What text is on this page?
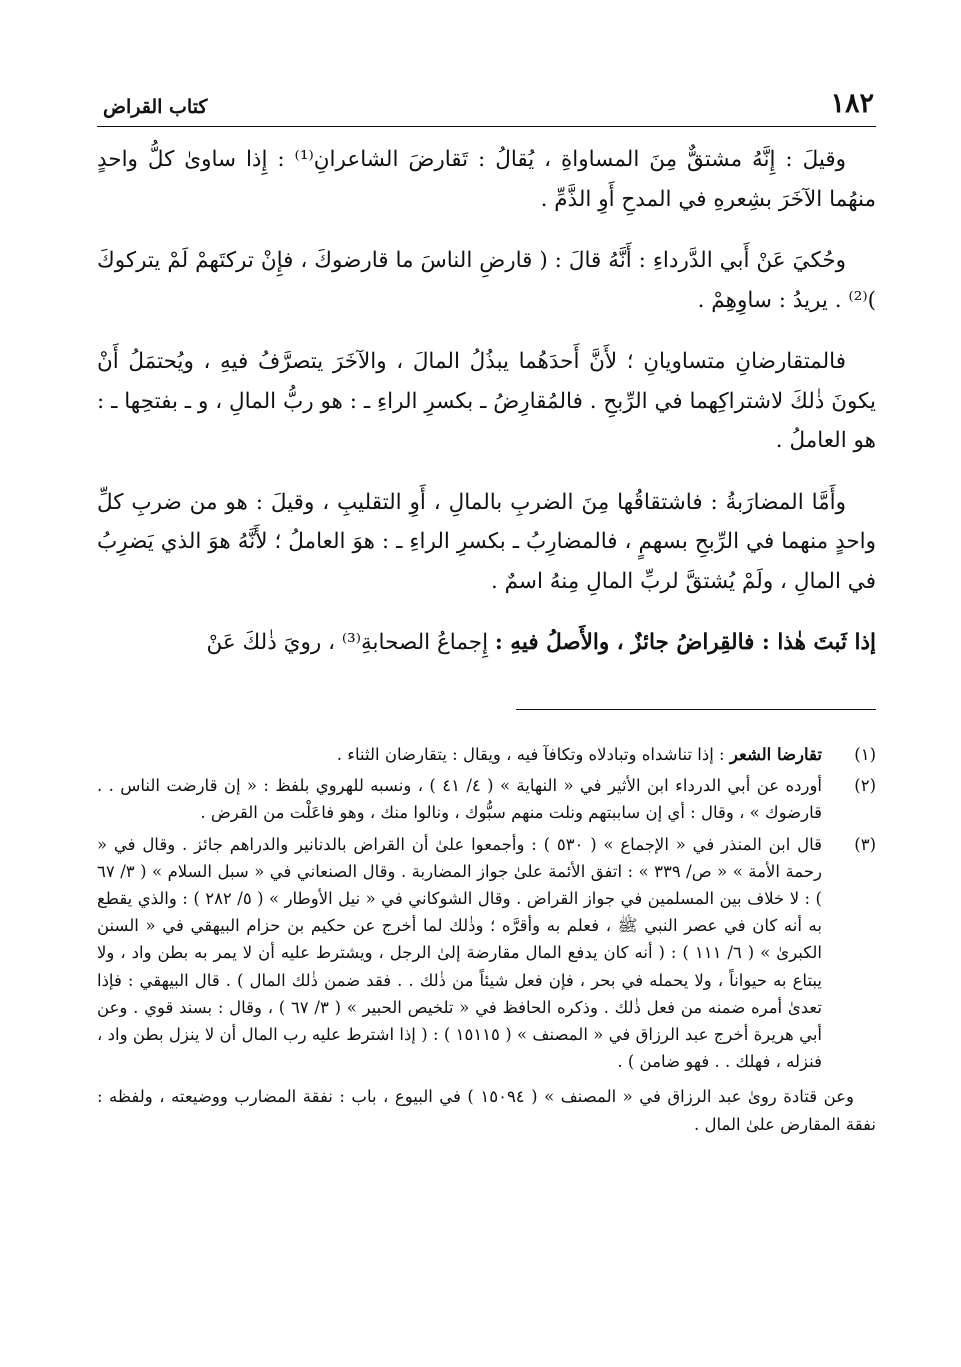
١٨٢
كتاب القراض

وقيلَ : إِنَّهُ مشتقٌّ مِنَ المساواةِ ، يُقالُ : تَقارضَ الشاعرانِ⁽¹⁾ : إِذا ساوىٰ كلُّ واحدٍ منهُما الآخَرَ بشِعرهِ في المدحِ أَوِ الذَّمِّ .

وحُكيَ عَنْ أَبي الدَّرداءِ : أَنَّهُ قالَ : ( قارضِ الناسَ ما قارضوكَ ، فإِنْ تركتَهمْ لَمْ يتركوكَ )⁽²⁾ . يريدُ : ساوِهِمْ .

فالمتقارضانِ متساويانِ ؛ لأَنَّ أَحدَهُما يبذُلُ المالَ ، والآخَرَ يتصرَّفُ فيهِ ، ويُحتمَلُ أَنْ يكونَ ذٰلكَ لاشتراكِهما في الرِّبحِ . فالمُقارِضُ ـ بكسرِ الراءِ ـ : هو ربُّ المالِ ، و ـ بفتحِها ـ : هو العاملُ .

وأَمَّا المضارَبةُ : فاشتقاقُها مِنَ الضربِ بالمالِ ، أَوِ التقليبِ ، وقيلَ : هو من ضربِ كلِّ واحدٍ منهما في الرِّبحِ بسهمٍ ، فالمضارِبُ ـ بكسرِ الراءِ ـ : هوَ العاملُ ؛ لأَنَّهُ هوَ الذي يَضرِبُ في المالِ ، ولَمْ يُشتقَّ لربِّ المالِ مِنهُ اسمٌ .

إذا ثَبتَ هٰذا : فالقِراضُ جائزٌ ، والأَصلُ فيهِ : إِجماعُ الصحابةِ⁽³⁾ ، رويَ ذٰلكَ عَنْ

(١)
تقارضا الشعر : إذا تناشداه وتبادلاه وتكافآ فيه ، ويقال : يتقارضان الثناء .
(٢)
أورده عن أبي الدرداء ابن الأثير في « النهاية » ( ٤/ ٤١ ) ، ونسبه للهروي بلفظ : « إن قارضت الناس . . قارضوك » ، وقال : أي إن ساببتهم ونلت منهم سبُّوك ، ونالوا منك ، وهو فاعَلْت من القرض .
(٣)
قال ابن المنذر في « الإجماع » ( ٥٣٠ ) : وأجمعوا علىٰ أن القراض بالدنانير والدراهم جائز . وقال في « رحمة الأمة » « ص/ ٣٣٩ » : اتفق الأئمة علىٰ جواز المضاربة . وقال الصنعاني في « سبل السلام » ( ٣/ ٦٧ ) : لا خلاف بين المسلمين في جواز القراض . وقال الشوكاني في « نيل الأوطار » ( ٥/ ٢٨٢ ) : والذي يقطع به أنه كان في عصر النبي ﷺ ، فعلم به وأقرَّه ؛ وذٰلك لما أخرج عن حكيم بن حزام البيهقي في « السنن الكبرىٰ » ( ٦/ ١١١ ) : ( أنه كان يدفع المال مقارضة إلىٰ الرجل ، ويشترط عليه أن لا يمر به بطن واد ، ولا يبتاع به حيواناً ، ولا يحمله في بحر ، فإن فعل شيئاً من ذٰلك . . فقد ضمن ذٰلك المال ) . قال البيهقي : فإذا تعدىٰ أمره ضمنه من فعل ذٰلك . وذكره الحافظ في « تلخيص الحبير » ( ٣/ ٦٧ ) ، وقال : بسند قوي . وعن أبي هريرة أخرج عبد الرزاق في « المصنف » ( ١٥١١٥ ) : ( إذا اشترط عليه رب المال أن لا ينزل بطن واد ، فنزله ، فهلك . . فهو ضامن ) .
وعن قتادة رویٰ عبد الرزاق في « المصنف » ( ١٥٠٩٤ ) في البيوع ، باب : نفقة المضارب ووضيعته ، ولفظه : نفقة المقارض علىٰ المال .
